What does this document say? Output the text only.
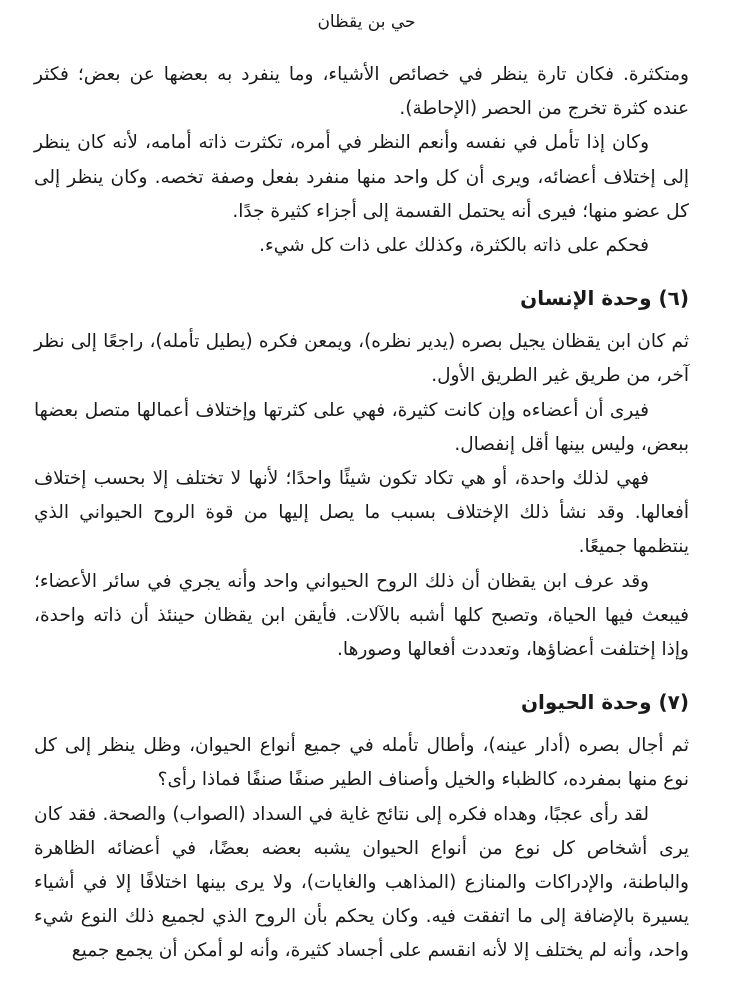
حي بن يقظان

ومتكثرة. فكان تارة ينظر في خصائص الأشياء، وما ينفرد به بعضها عن بعض؛ فكثر عنده كثرة تخرج من الحصر (الإحاطة).

وكان إذا تأمل في نفسه وأنعم النظر في أمره، تكثرت ذاته أمامه، لأنه كان ينظر إلى إختلاف أعضائه، ويرى أن كل واحد منها منفرد بفعل وصفة تخصه. وكان ينظر إلى كل عضو منها؛ فيرى أنه يحتمل القسمة إلى أجزاء كثيرة جدًا.

فحكم على ذاته بالكثرة، وكذلك على ذات كل شيء.

(٦) وحدة الإنسان

ثم كان ابن يقظان يجيل بصره (يدير نظره)، ويمعن فكره (يطيل تأمله)، راجعًا إلى نظر آخر، من طريق غير الطريق الأول.

فيرى أن أعضاءه وإن كانت كثيرة، فهي على كثرتها وإختلاف أعمالها متصل بعضها ببعض، وليس بينها أقل إنفصال.

فهي لذلك واحدة، أو هي تكاد تكون شيئًا واحدًا؛ لأنها لا تختلف إلا بحسب إختلاف أفعالها. وقد نشأ ذلك الإختلاف بسبب ما يصل إليها من قوة الروح الحيواني الذي ينتظمها جميعًا.

وقد عرف ابن يقظان أن ذلك الروح الحيواني واحد وأنه يجري في سائر الأعضاء؛ فيبعث فيها الحياة، وتصبح كلها أشبه بالآلات. فأيقن ابن يقظان حينئذ أن ذاته واحدة، وإذا إختلفت أعضاؤها، وتعددت أفعالها وصورها.

(٧) وحدة الحيوان

ثم أجال بصره (أدار عينه)، وأطال تأمله في جميع أنواع الحيوان، وظل ينظر إلى كل نوع منها بمفرده، كالظباء والخيل وأصناف الطير صنفًا صنفًا فماذا رأى؟

لقد رأى عجبًا، وهداه فكره إلى نتائج غاية في السداد (الصواب) والصحة. فقد كان يرى أشخاص كل نوع من أنواع الحيوان يشبه بعضه بعضًا، في أعضائه الظاهرة والباطنة، والإدراكات والمنازع (المذاهب والغايات)، ولا يرى بينها اختلافًا إلا في أشياء يسيرة بالإضافة إلى ما اتفقت فيه. وكان يحكم بأن الروح الذي لجميع ذلك النوع شيء واحد، وأنه لم يختلف إلا لأنه انقسم على أجساد كثيرة، وأنه لو أمكن أن يجمع جميع
